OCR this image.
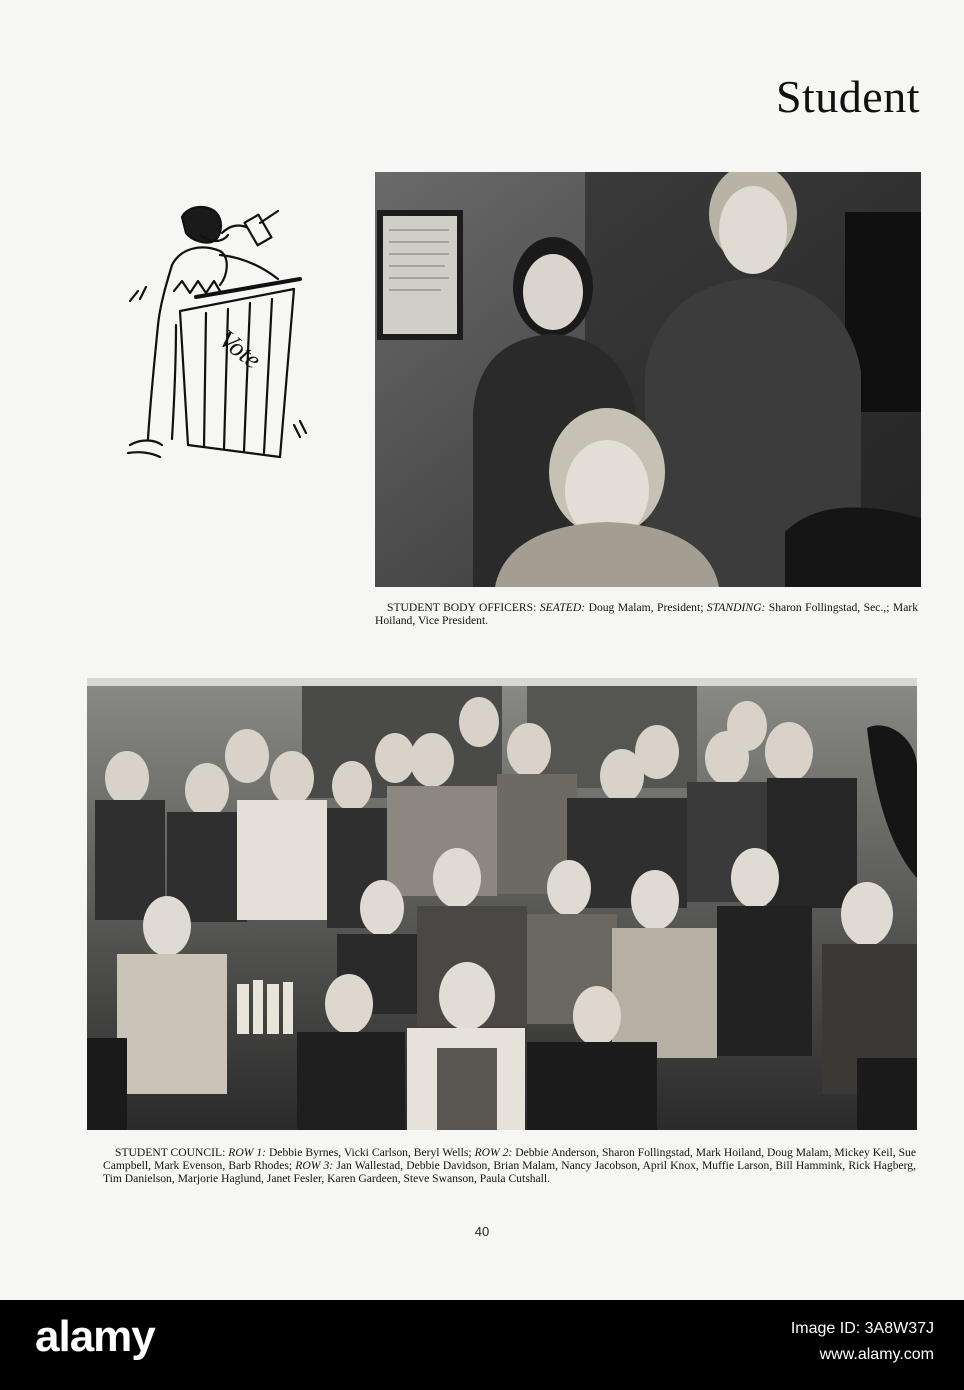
Student
Vote
STUDENT BODY OFFICERS: SEATED: Doug Malam, President; STANDING: Sharon Follingstad, Sec.,; Mark Hoiland, Vice President.
STUDENT COUNCIL: ROW 1: Debbie Byrnes, Vicki Carlson, Beryl Wells; ROW 2: Debbie Anderson, Sharon Follingstad, Mark Hoiland, Doug Malam, Mickey Keil, Sue Campbell, Mark Evenson, Barb Rhodes; ROW 3: Jan Wallestad, Debbie Davidson, Brian Malam, Nancy Jacobson, April Knox, Muffie Larson, Bill Hammink, Rick Hagberg, Tim Danielson, Marjorie Haglund, Janet Fesler, Karen Gardeen, Steve Swanson, Paula Cutshall.
40
alamy	Image ID: 3A8W37J
www.alamy.com
